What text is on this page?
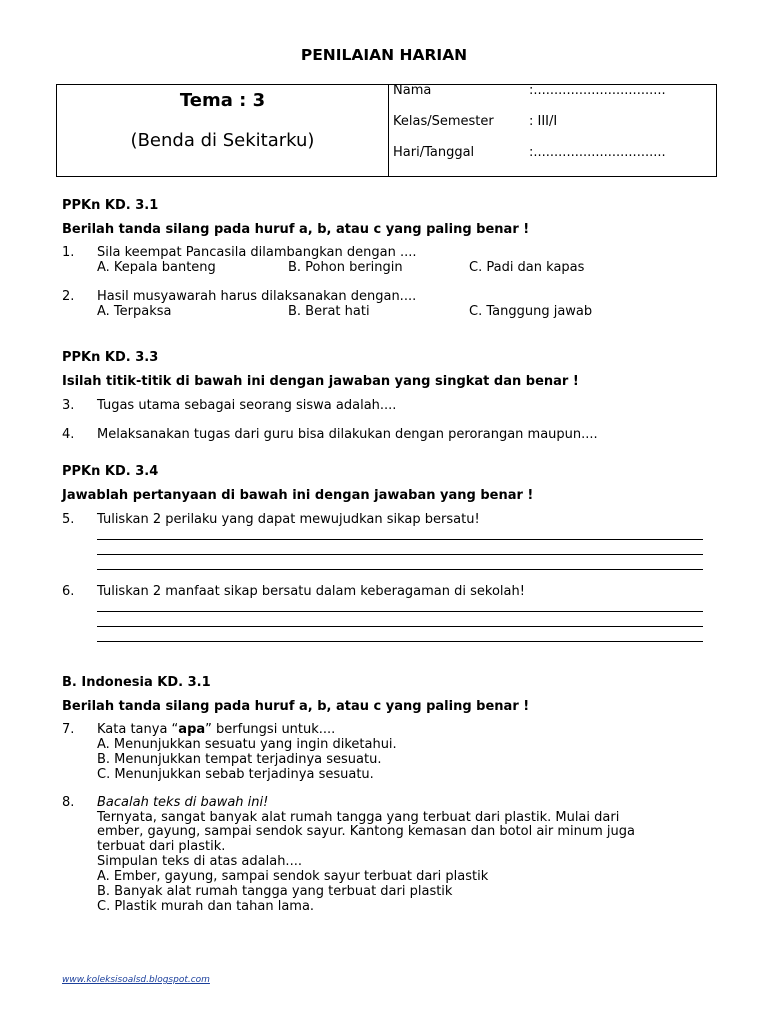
PENILAIAN HARIAN
Tema : 3
(Benda di Sekitarku)
Nama	:................................
Kelas/Semester	: III/I
Hari/Tanggal	:................................
PPKn KD. 3.1
Berilah tanda silang pada huruf a, b, atau c yang paling benar !
1. Sila keempat Pancasila dilambangkan dengan ....
A. Kepala banteng	B. Pohon beringin	C. Padi dan kapas
2. Hasil musyawarah harus dilaksanakan dengan....
A. Terpaksa	B. Berat hati	C. Tanggung jawab
PPKn KD. 3.3
Isilah titik-titik di bawah ini dengan jawaban yang singkat dan benar !
3. Tugas utama sebagai seorang siswa adalah....
4. Melaksanakan tugas dari guru bisa dilakukan dengan perorangan maupun....
PPKn KD. 3.4
Jawablah pertanyaan di bawah ini dengan jawaban yang benar !
5. Tuliskan 2 perilaku yang dapat mewujudkan sikap bersatu!
6. Tuliskan 2 manfaat sikap bersatu dalam keberagaman di sekolah!
B. Indonesia KD. 3.1
Berilah tanda silang pada huruf a, b, atau c yang paling benar !
7. Kata tanya “apa” berfungsi untuk....
A. Menunjukkan sesuatu yang ingin diketahui.
B. Menunjukkan tempat terjadinya sesuatu.
C. Menunjukkan sebab terjadinya sesuatu.
8. Bacalah teks di bawah ini!
Ternyata, sangat banyak alat rumah tangga yang terbuat dari plastik. Mulai dari
ember, gayung, sampai sendok sayur. Kantong kemasan dan botol air minum juga
terbuat dari plastik.
Simpulan teks di atas adalah....
A. Ember, gayung, sampai sendok sayur terbuat dari plastik
B. Banyak alat rumah tangga yang terbuat dari plastik
C. Plastik murah dan tahan lama.
www.koleksisoalsd.blogspot.com
